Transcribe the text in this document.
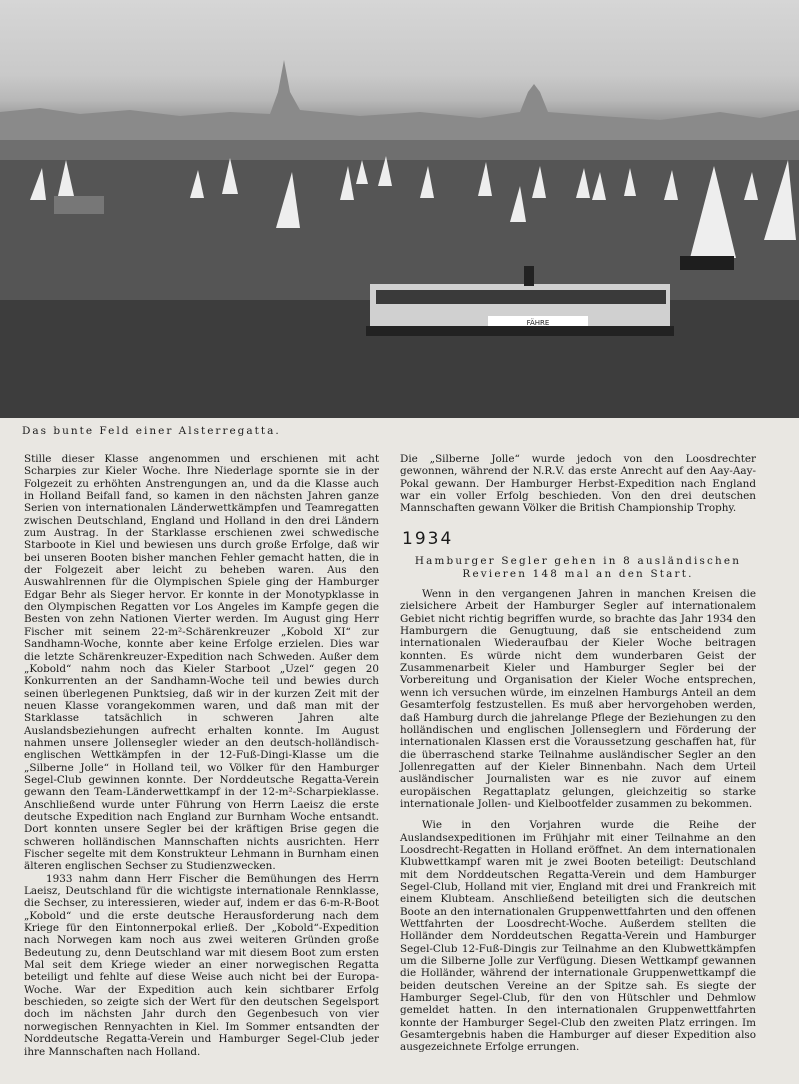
FÄHRE
Das bunte Feld einer Alsterregatta.

Stille dieser Klasse angenommen und erschienen mit acht Scharpies zur Kieler Woche. Ihre Niederlage spornte sie in der Folgezeit zu erhöhten Anstrengungen an, und da die Klasse auch in Holland Beifall fand, so kamen in den nächsten Jahren ganze Serien von internationalen Länderwettkämpfen und Teamregatten zwischen Deutschland, England und Holland in den drei Ländern zum Austrag. In der Starklasse erschienen zwei schwedische Starboote in Kiel und bewiesen uns durch große Erfolge, daß wir bei unseren Booten bisher manchen Fehler gemacht hatten, die in der Folgezeit aber leicht zu beheben waren. Aus den Auswahlrennen für die Olympischen Spiele ging der Hamburger Edgar Behr als Sieger hervor. Er konnte in der Monotypklasse in den Olympischen Regatten vor Los Angeles im Kampfe gegen die Besten von zehn Nationen Vierter werden. Im August ging Herr Fischer mit seinem 22-m²-Schärenkreuzer „Kobold XI“ zur Sandhamn-Woche, konnte aber keine Erfolge erzielen. Dies war die letzte Schärenkreuzer-Expedition nach Schweden. Außer dem „Kobold“ nahm noch das Kieler Starboot „Uzel“ gegen 20 Konkurrenten an der Sandhamn-Woche teil und bewies durch seinen überlegenen Punktsieg, daß wir in der kurzen Zeit mit der neuen Klasse vorangekommen waren, und daß man mit der Starklasse tatsächlich in schweren Jahren alte Auslandsbeziehungen aufrecht erhalten konnte. Im August nahmen unsere Jollensegler wieder an den deutsch-holländisch-englischen Wettkämpfen in der 12-Fuß-Dingi-Klasse um die „Silberne Jolle“ in Holland teil, wo Völker für den Hamburger Segel-Club gewinnen konnte. Der Norddeutsche Regatta-Verein gewann den Team-Länderwettkampf in der 12-m²-Scharpieklasse. Anschließend wurde unter Führung von Herrn Laeisz die erste deutsche Expedition nach England zur Burnham Woche entsandt. Dort konnten unsere Segler bei der kräftigen Brise gegen die schweren holländischen Mannschaften nichts ausrichten. Herr Fischer segelte mit dem Konstrukteur Lehmann in Burnham einen älteren englischen Sechser zu Studienzwecken.

1933 nahm dann Herr Fischer die Bemühungen des Herrn Laeisz, Deutschland für die wichtigste internationale Rennklasse, die Sechser, zu interessieren, wieder auf, indem er das 6-m-R-Boot „Kobold“ und die erste deutsche Herausforderung nach dem Kriege für den Eintonnerpokal erließ. Der „Kobold“-Expedition nach Norwegen kam noch aus zwei weiteren Gründen große Bedeutung zu, denn Deutschland war mit diesem Boot zum ersten Mal seit dem Kriege wieder an einer norwegischen Regatta beteiligt und fehlte auf diese Weise auch nicht bei der Europa-Woche. War der Expedition auch kein sichtbarer Erfolg beschieden, so zeigte sich der Wert für den deutschen Segelsport doch im nächsten Jahr durch den Gegenbesuch von vier norwegischen Rennyachten in Kiel. Im Sommer entsandten der Norddeutsche Regatta-Verein und Hamburger Segel-Club jeder ihre Mannschaften nach Holland.

Die „Silberne Jolle“ wurde jedoch von den Loosdrechter gewonnen, während der N.R.V. das erste Anrecht auf den Aay-Aay-Pokal gewann. Der Hamburger Herbst-Expedition nach England war ein voller Erfolg beschieden. Von den drei deutschen Mannschaften gewann Völker die British Championship Trophy.

1934
Hamburger Segler gehen in 8 ausländischen
Revieren 148 mal an den Start.

Wenn in den vergangenen Jahren in manchen Kreisen die zielsichere Arbeit der Hamburger Segler auf internationalem Gebiet nicht richtig begriffen wurde, so brachte das Jahr 1934 den Hamburgern die Genugtuung, daß sie entscheidend zum internationalen Wiederaufbau der Kieler Woche beitragen konnten. Es würde nicht dem wunderbaren Geist der Zusammenarbeit Kieler und Hamburger Segler bei der Vorbereitung und Organisation der Kieler Woche entsprechen, wenn ich versuchen würde, im einzelnen Hamburgs Anteil an dem Gesamterfolg festzustellen. Es muß aber hervorgehoben werden, daß Hamburg durch die jahrelange Pflege der Beziehungen zu den holländischen und englischen Jollenseglern und Förderung der internationalen Klassen erst die Voraussetzung geschaffen hat, für die überraschend starke Teilnahme ausländischer Segler an den Jollenregatten auf der Kieler Binnenbahn. Nach dem Urteil ausländischer Journalisten war es nie zuvor auf einem europäischen Regattaplatz gelungen, gleichzeitig so starke internationale Jollen- und Kielbootfelder zusammen zu bekommen.

Wie in den Vorjahren wurde die Reihe der Auslandsexpeditionen im Frühjahr mit einer Teilnahme an den Loosdrecht-Regatten in Holland eröffnet. An dem internationalen Klubwettkampf waren mit je zwei Booten beteiligt: Deutschland mit dem Norddeutschen Regatta-Verein und dem Hamburger Segel-Club, Holland mit vier, England mit drei und Frankreich mit einem Klubteam. Anschließend beteiligten sich die deutschen Boote an den internationalen Gruppenwettfahrten und den offenen Wettfahrten der Loosdrecht-Woche. Außerdem stellten die Holländer dem Norddeutschen Regatta-Verein und Hamburger Segel-Club 12-Fuß-Dingis zur Teilnahme an den Klubwettkämpfen um die Silberne Jolle zur Verfügung. Diesen Wettkampf gewannen die Holländer, während der internationale Gruppenwettkampf die beiden deutschen Vereine an der Spitze sah. Es siegte der Hamburger Segel-Club, für den von Hütschler und Dehmlow gemeldet hatten. In den internationalen Gruppenwettfahrten konnte der Hamburger Segel-Club den zweiten Platz erringen. Im Gesamtergebnis haben die Hamburger auf dieser Expedition also ausgezeichnete Erfolge errungen.
